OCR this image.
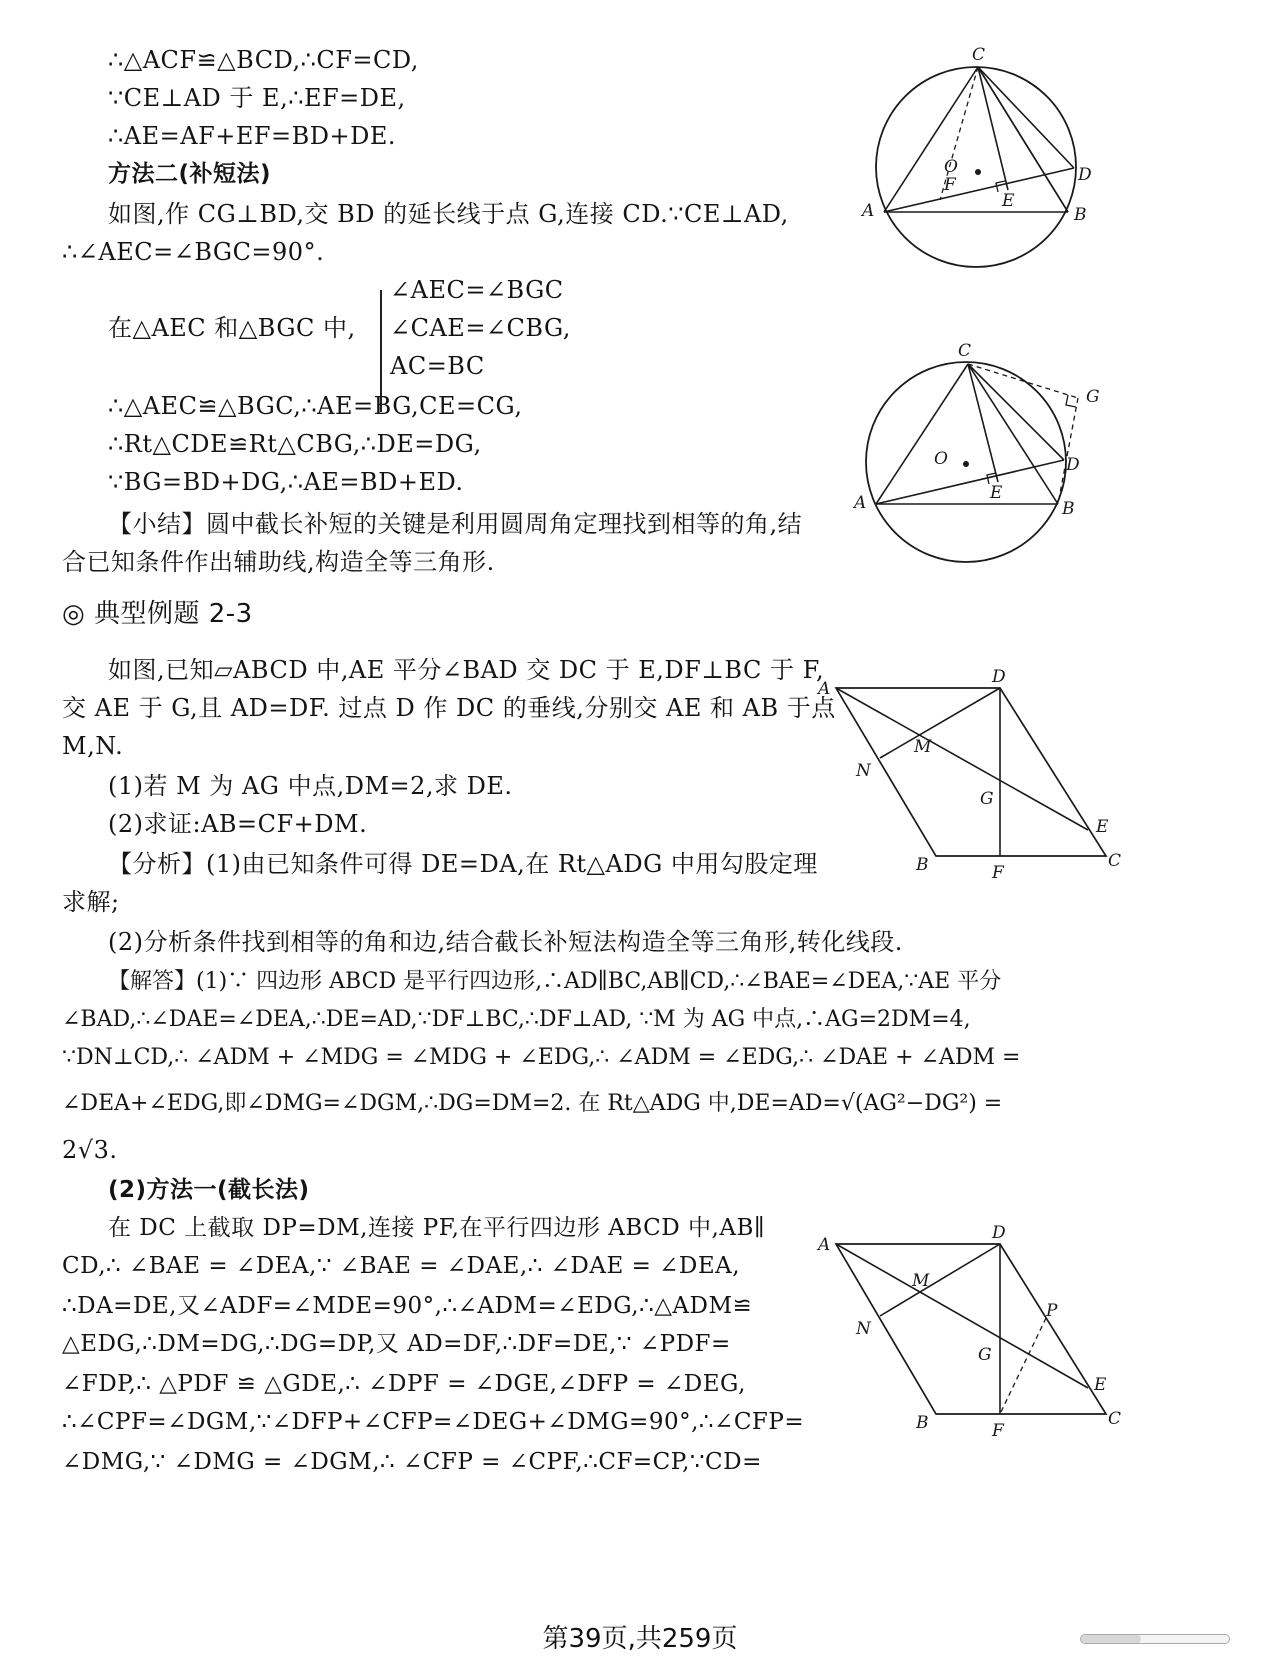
∴△ACF≌△BCD,∴CF=CD,
∵CE⊥AD 于 E,∴EF=DE,
∴AE=AF+EF=BD+DE.
方法二(补短法)
如图,作 CG⊥BD,交 BD 的延长线于点 G,连接 CD.∵CE⊥AD,
∴∠AEC=∠BGC=90°.
在△AEC 和△BGC 中,
∠AEC=∠BGC
∠CAE=∠CBG,
AC=BC
∴△AEC≌△BGC,∴AE=BG,CE=CG,
∴Rt△CDE≌Rt△CBG,∴DE=DG,
∵BG=BD+DG,∴AE=BD+ED.
【小结】圆中截长补短的关键是利用圆周角定理找到相等的角,结
合已知条件作出辅助线,构造全等三角形.
◎ 典型例题 2-3
如图,已知▱ABCD 中,AE 平分∠BAD 交 DC 于 E,DF⊥BC 于 F,
交 AE 于 G,且 AD=DF. 过点 D 作 DC 的垂线,分别交 AE 和 AB 于点
M,N.
(1)若 M 为 AG 中点,DM=2,求 DE.
(2)求证:AB=CF+DM.
【分析】(1)由已知条件可得 DE=DA,在 Rt△ADG 中用勾股定理
求解;
(2)分析条件找到相等的角和边,结合截长补短法构造全等三角形,转化线段.
【解答】(1)∵ 四边形 ABCD 是平行四边形,∴AD∥BC,AB∥CD,∴∠BAE=∠DEA,∵AE 平分
∠BAD,∴∠DAE=∠DEA,∴DE=AD,∵DF⊥BC,∴DF⊥AD, ∵M 为 AG 中点,∴AG=2DM=4,
∵DN⊥CD,∴ ∠ADM + ∠MDG = ∠MDG + ∠EDG,∴ ∠ADM = ∠EDG,∴ ∠DAE + ∠ADM =
∠DEA+∠EDG,即∠DMG=∠DGM,∴DG=DM=2. 在 Rt△ADG 中,DE=AD=√(AG²−DG²) =
2√3.
(2)方法一(截长法)
在 DC 上截取 DP=DM,连接 PF,在平行四边形 ABCD 中,AB∥
CD,∴ ∠BAE = ∠DEA,∵ ∠BAE = ∠DAE,∴ ∠DAE = ∠DEA,
∴DA=DE,又∠ADF=∠MDE=90°,∴∠ADM=∠EDG,∴△ADM≌
△EDG,∴DM=DG,∴DG=DP,又 AD=DF,∴DF=DE,∵ ∠PDF=
∠FDP,∴ △PDF ≌ △GDE,∴ ∠DPF = ∠DGE,∠DFP = ∠DEG,
∴∠CPF=∠DGM,∵∠DFP+∠CFP=∠DEG+∠DMG=90°,∴∠CFP=
∠DMG,∵ ∠DMG = ∠DGM,∴ ∠CFP = ∠CPF,∴CF=CP,∵CD=
C
O
F	D
E
A	B
C
G
O	D
E
A	B
A
D
M
N
G
E
B	F
C
A
D
M
P
N
G
E
B	F
C
第39页,共259页
